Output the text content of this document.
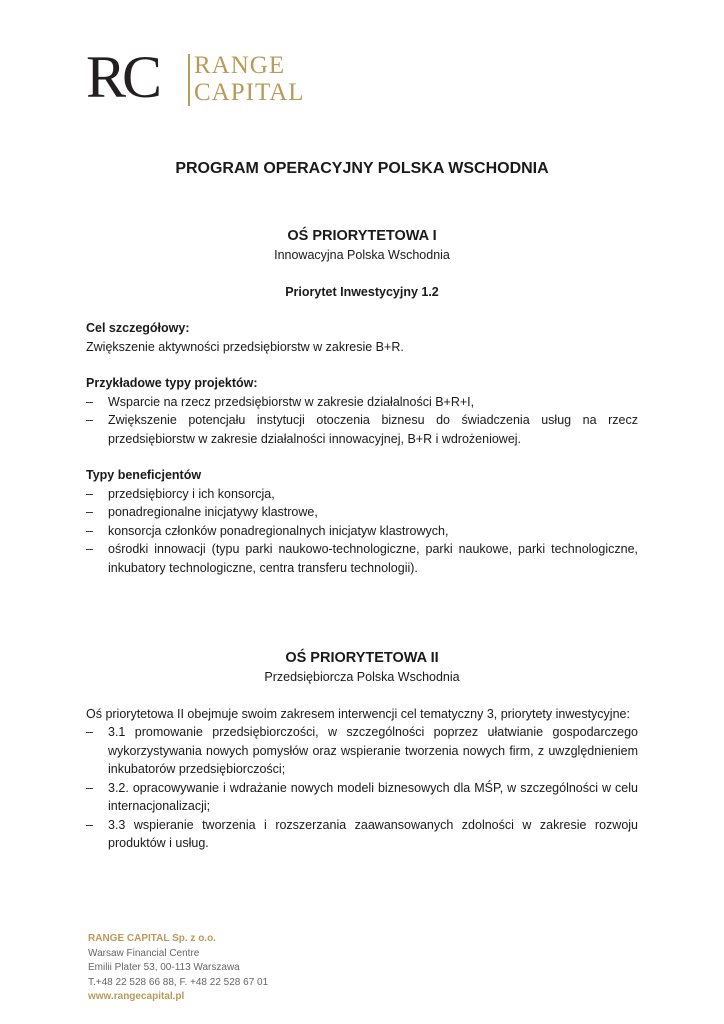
RC RANGE
CAPITAL
PROGRAM OPERACYJNY POLSKA WSCHODNIA
OŚ PRIORYTETOWA I

Innowacyjna Polska Wschodnia

Priorytet Inwestycyjny 1.2

Cel szczegółowy:

Zwiększenie aktywności przedsiębiorstw w zakresie B+R.

Przykładowe typy projektów:

– Wsparcie na rzecz przedsiębiorstw w zakresie działalności B+R+I,
– Zwiększenie potencjału instytucji otoczenia biznesu do świadczenia usług na rzecz przedsiębiorstw w zakresie działalności innowacyjnej, B+R i wdrożeniowej.

Typy beneficjentów

– przedsiębiorcy i ich konsorcja,
– ponadregionalne inicjatywy klastrowe,
– konsorcja członków ponadregionalnych inicjatyw klastrowych,
– ośrodki innowacji (typu parki naukowo-technologiczne, parki naukowe, parki technologiczne, inkubatory technologiczne, centra transferu technologii).
OŚ PRIORYTETOWA II

Przedsiębiorcza Polska Wschodnia

Oś priorytetowa II obejmuje swoim zakresem interwencji cel tematyczny 3, priorytety inwestycyjne:

– 3.1 promowanie przedsiębiorczości, w szczególności poprzez ułatwianie gospodarczego wykorzystywania nowych pomysłów oraz wspieranie tworzenia nowych firm, z uwzględnieniem inkubatorów przedsiębiorczości;
– 3.2. opracowywanie i wdrażanie nowych modeli biznesowych dla MŚP, w szczególności w celu internacjonalizacji;
– 3.3 wspieranie tworzenia i rozszerzania zaawansowanych zdolności w zakresie rozwoju produktów i usług.
RANGE CAPITAL Sp. z o.o.
Warsaw Financial Centre
Emilii Plater 53, 00-113 Warszawa
T.+48 22 528 66 88, F. +48 22 528 67 01
www.rangecapital.pl
